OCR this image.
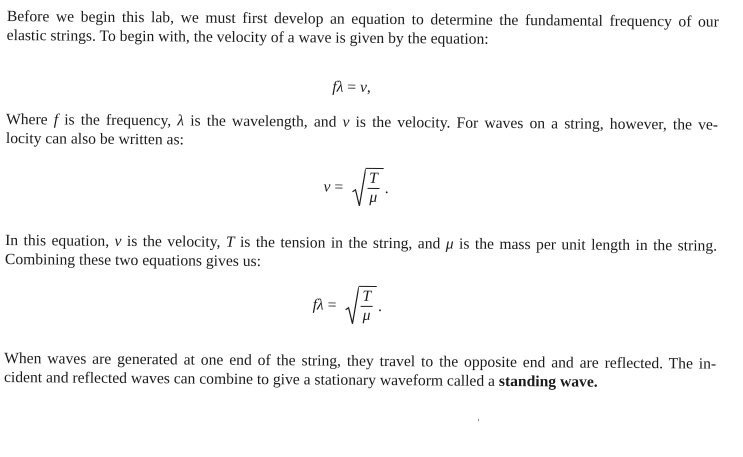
Before we begin this lab, we must first develop an equation to determine the fundamental frequency of our
elastic strings. To begin with, the velocity of a wave is given by the equation:

f λ = v ,

Where f is the frequency, λ is the wavelength, and v is the velocity. For waves on a string, however, the ve-
locity can also be written as:

$v = \frac{T}{\mu}$ .

In this equation, v is the velocity, T is the tension in the string, and μ is the mass per unit length in the string.
Combining these two equations gives us:

f $\lambda = \frac{T}{\mu}$ .

When waves are generated at one end of the string, they travel to the opposite end and are reflected. The in-
cident and reflected waves can combine to give a stationary waveform called a standing wave.

'
